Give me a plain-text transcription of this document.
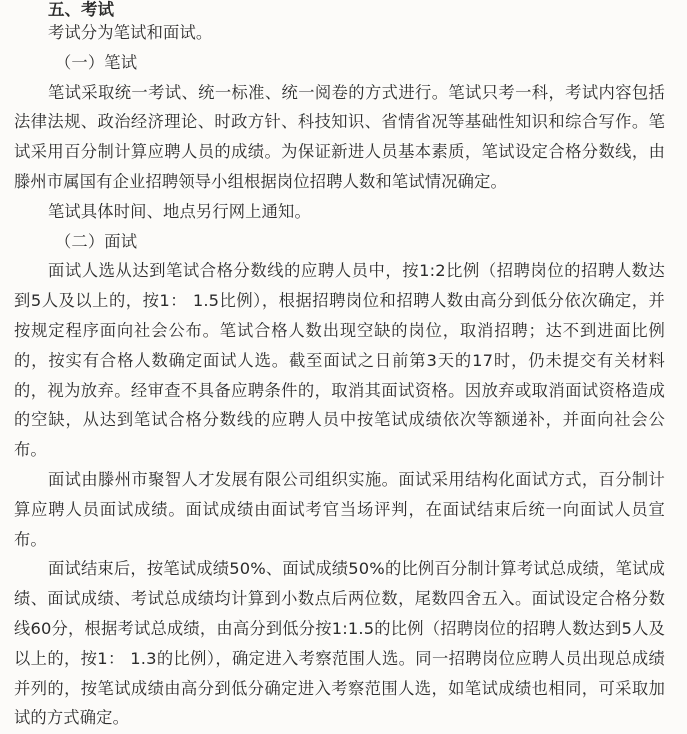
五、考试

考试分为笔试和面试。

（一）笔试

笔试采取统一考试、统一标准、统一阅卷的方式进行。笔试只考一科，考试内容包括法律法规、政治经济理论、时政方针、科技知识、省情省况等基础性知识和综合写作。笔试采用百分制计算应聘人员的成绩。为保证新进人员基本素质，笔试设定合格分数线，由滕州市属国有企业招聘领导小组根据岗位招聘人数和笔试情况确定。

笔试具体时间、地点另行网上通知。

（二）面试

面试人选从达到笔试合格分数线的应聘人员中，按1:2比例（招聘岗位的招聘人数达到5人及以上的，按1： 1.5比例），根据招聘岗位和招聘人数由高分到低分依次确定，并按规定程序面向社会公布。笔试合格人数出现空缺的岗位，取消招聘；达不到进面比例的，按实有合格人数确定面试人选。截至面试之日前第3天的17时，仍未提交有关材料的，视为放弃。经审查不具备应聘条件的，取消其面试资格。因放弃或取消面试资格造成的空缺，从达到笔试合格分数线的应聘人员中按笔试成绩依次等额递补，并面向社会公布。

面试由滕州市聚智人才发展有限公司组织实施。面试采用结构化面试方式，百分制计算应聘人员面试成绩。面试成绩由面试考官当场评判，在面试结束后统一向面试人员宣布。

面试结束后，按笔试成绩50%、面试成绩50%的比例百分制计算考试总成绩，笔试成绩、面试成绩、考试总成绩均计算到小数点后两位数，尾数四舍五入。面试设定合格分数线60分，根据考试总成绩，由高分到低分按1:1.5的比例（招聘岗位的招聘人数达到5人及以上的，按1： 1.3的比例），确定进入考察范围人选。同一招聘岗位应聘人员出现总成绩并列的，按笔试成绩由高分到低分确定进入考察范围人选，如笔试成绩也相同，可采取加试的方式确定。
